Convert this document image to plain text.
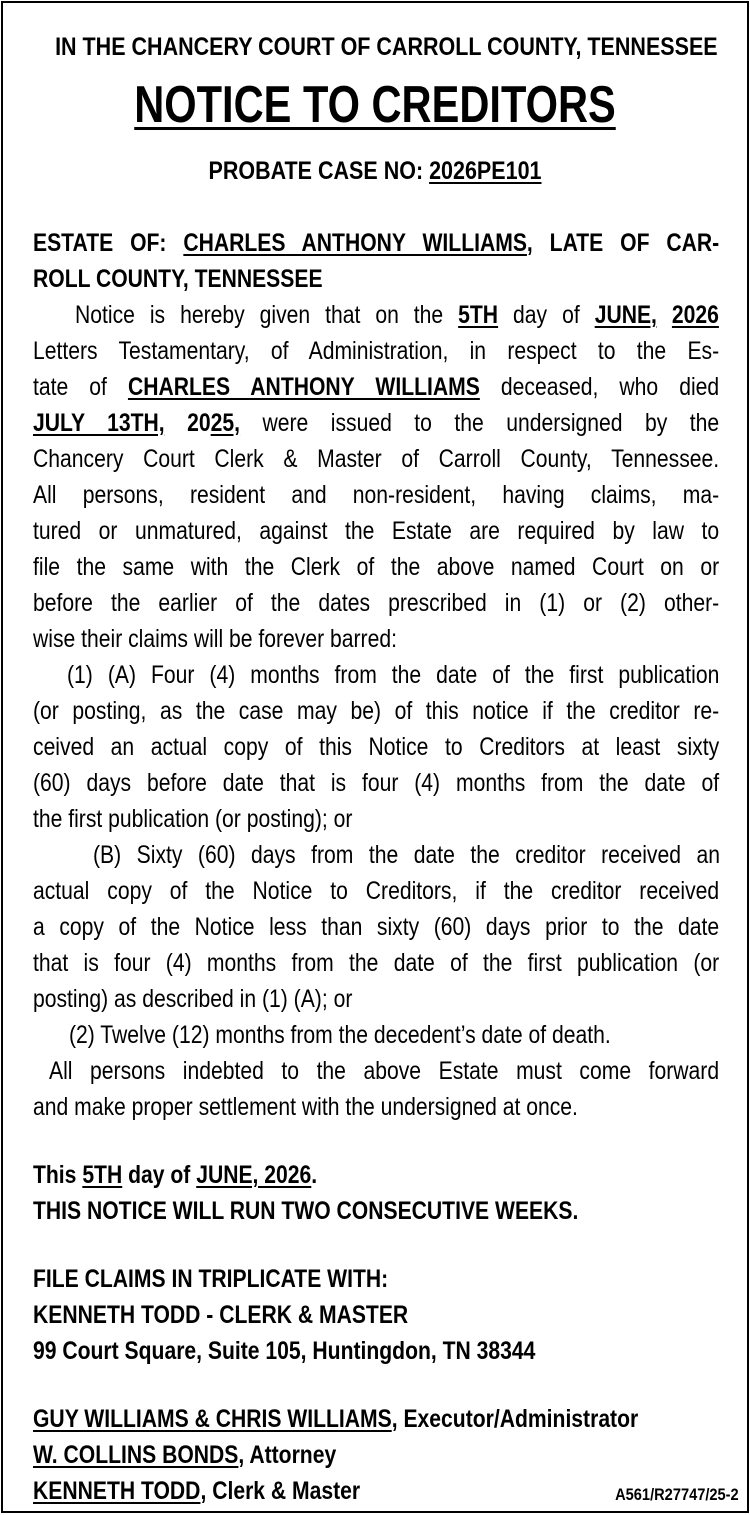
IN THE CHANCERY COURT OF CARROLL COUNTY, TENNESSEE
NOTICE TO CREDITORS
PROBATE CASE NO: 2026PE101
ESTATE OF: CHARLES ANTHONY WILLIAMS, LATE OF CAR-
ROLL COUNTY, TENNESSEE
Notice is hereby given that on the 5TH day of JUNE, 2026
Letters Testamentary, of Administration, in respect to the Es-
tate of CHARLES ANTHONY WILLIAMS deceased, who died
JULY 13TH, 2025, were issued to the undersigned by the
Chancery Court Clerk & Master of Carroll County, Tennessee.
All persons, resident and non-resident, having claims, ma-
tured or unmatured, against the Estate are required by law to
file the same with the Clerk of the above named Court on or
before the earlier of the dates prescribed in (1) or (2) other-
wise their claims will be forever barred:
(1) (A) Four (4) months from the date of the first publication
(or posting, as the case may be) of this notice if the creditor re-
ceived an actual copy of this Notice to Creditors at least sixty
(60) days before date that is four (4) months from the date of
the first publication (or posting); or
(B) Sixty (60) days from the date the creditor received an
actual copy of the Notice to Creditors, if the creditor received
a copy of the Notice less than sixty (60) days prior to the date
that is four (4) months from the date of the first publication (or
posting) as described in (1) (A); or
(2) Twelve (12) months from the decedent’s date of death.
All persons indebted to the above Estate must come forward
and make proper settlement with the undersigned at once.
This 5TH day of JUNE, 2026.
THIS NOTICE WILL RUN TWO CONSECUTIVE WEEKS.
FILE CLAIMS IN TRIPLICATE WITH:
KENNETH TODD - CLERK & MASTER
99 Court Square, Suite 105, Huntingdon, TN 38344
GUY WILLIAMS & CHRIS WILLIAMS, Executor/Administrator
W. COLLINS BONDS, Attorney
KENNETH TODD, Clerk & Master	A561/R27747/25-2
